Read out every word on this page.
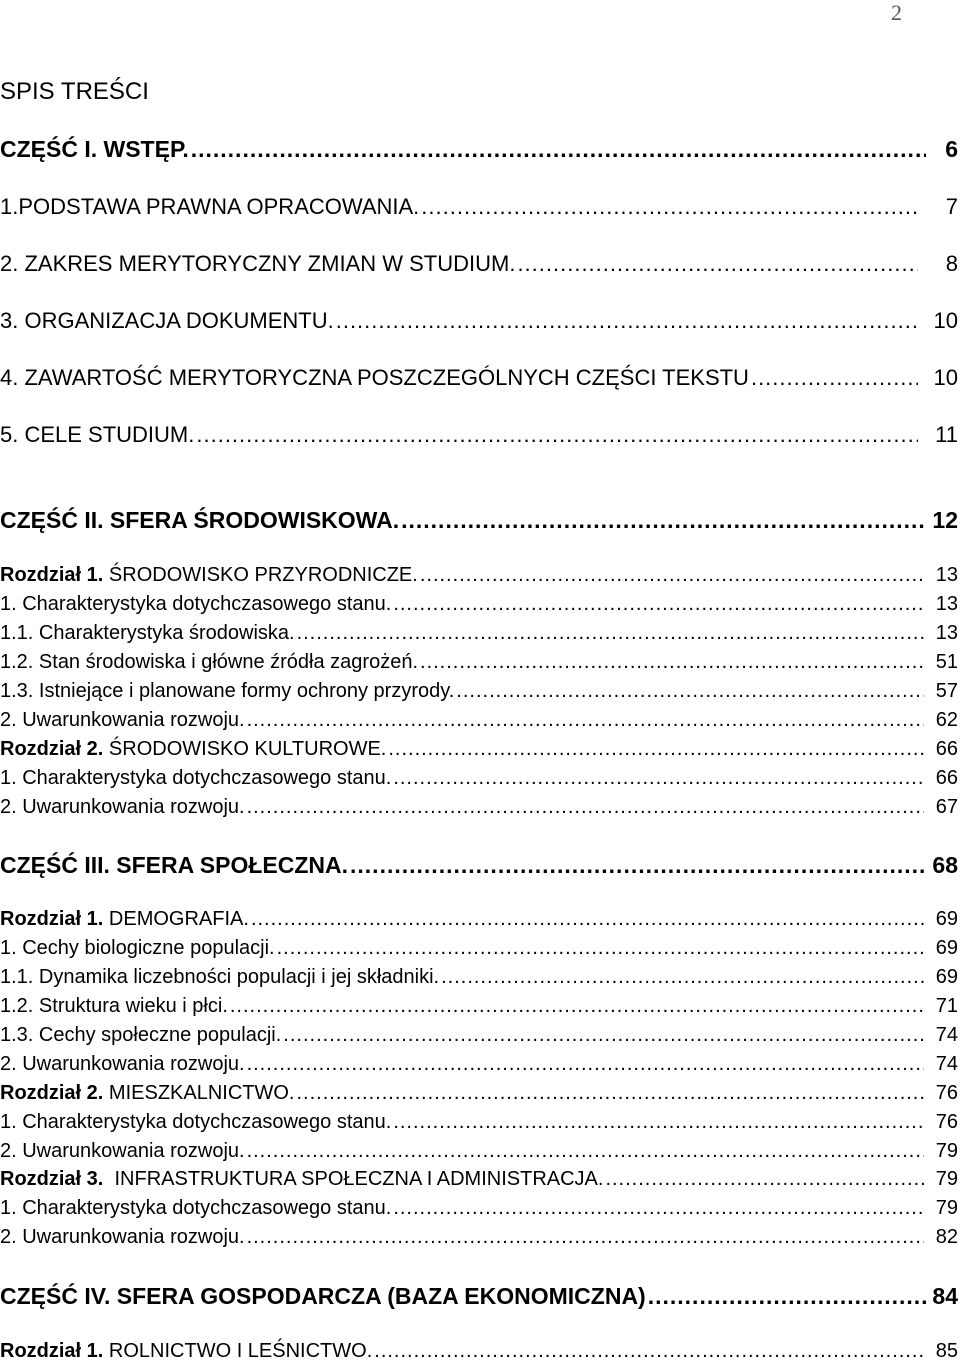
2
SPIS TREŚCI
CZĘŚĆ I. WSTĘP. .....	6
1.PODSTAWA PRAWNA OPRACOWANIA. .....	7
2. ZAKRES MERYTORYCZNY ZMIAN W STUDIUM. .....	8
3. ORGANIZACJA DOKUMENTU. .....	10
4. ZAWARTOŚĆ MERYTORYCZNA POSZCZEGÓLNYCH CZĘŚCI TEKSTU .....	10
5. CELE STUDIUM. .....	11
CZĘŚĆ II. SFERA ŚRODOWISKOWA. .....	12
Rozdział 1. ŚRODOWISKO PRZYRODNICZE. .....	13
1. Charakterystyka dotychczasowego stanu. .....	13
1.1. Charakterystyka środowiska. .....	13
1.2. Stan środowiska i główne źródła zagrożeń. .....	51
1.3. Istniejące i planowane formy ochrony przyrody. .....	57
2. Uwarunkowania rozwoju. .....	62
Rozdział 2. ŚRODOWISKO KULTUROWE. .....	66
1. Charakterystyka dotychczasowego stanu. .....	66
2. Uwarunkowania rozwoju. .....	67
CZĘŚĆ III. SFERA SPOŁECZNA. .....	68
Rozdział 1. DEMOGRAFIA. .....	69
1. Cechy biologiczne populacji. .....	69
1.1. Dynamika liczebności populacji i jej składniki. .....	69
1.2. Struktura wieku i płci. .....	71
1.3. Cechy społeczne populacji. .....	74
2. Uwarunkowania rozwoju. .....	74
Rozdział 2. MIESZKALNICTWO. .....	76
1. Charakterystyka dotychczasowego stanu. .....	76
2. Uwarunkowania rozwoju. .....	79
Rozdział 3.  INFRASTRUKTURA SPOŁECZNA I ADMINISTRACJA. .....	79
1. Charakterystyka dotychczasowego stanu. .....	79
2. Uwarunkowania rozwoju. .....	82
CZĘŚĆ IV. SFERA GOSPODARCZA (BAZA EKONOMICZNA) .....	84
Rozdział 1. ROLNICTWO I LEŚNICTWO. .....	85
